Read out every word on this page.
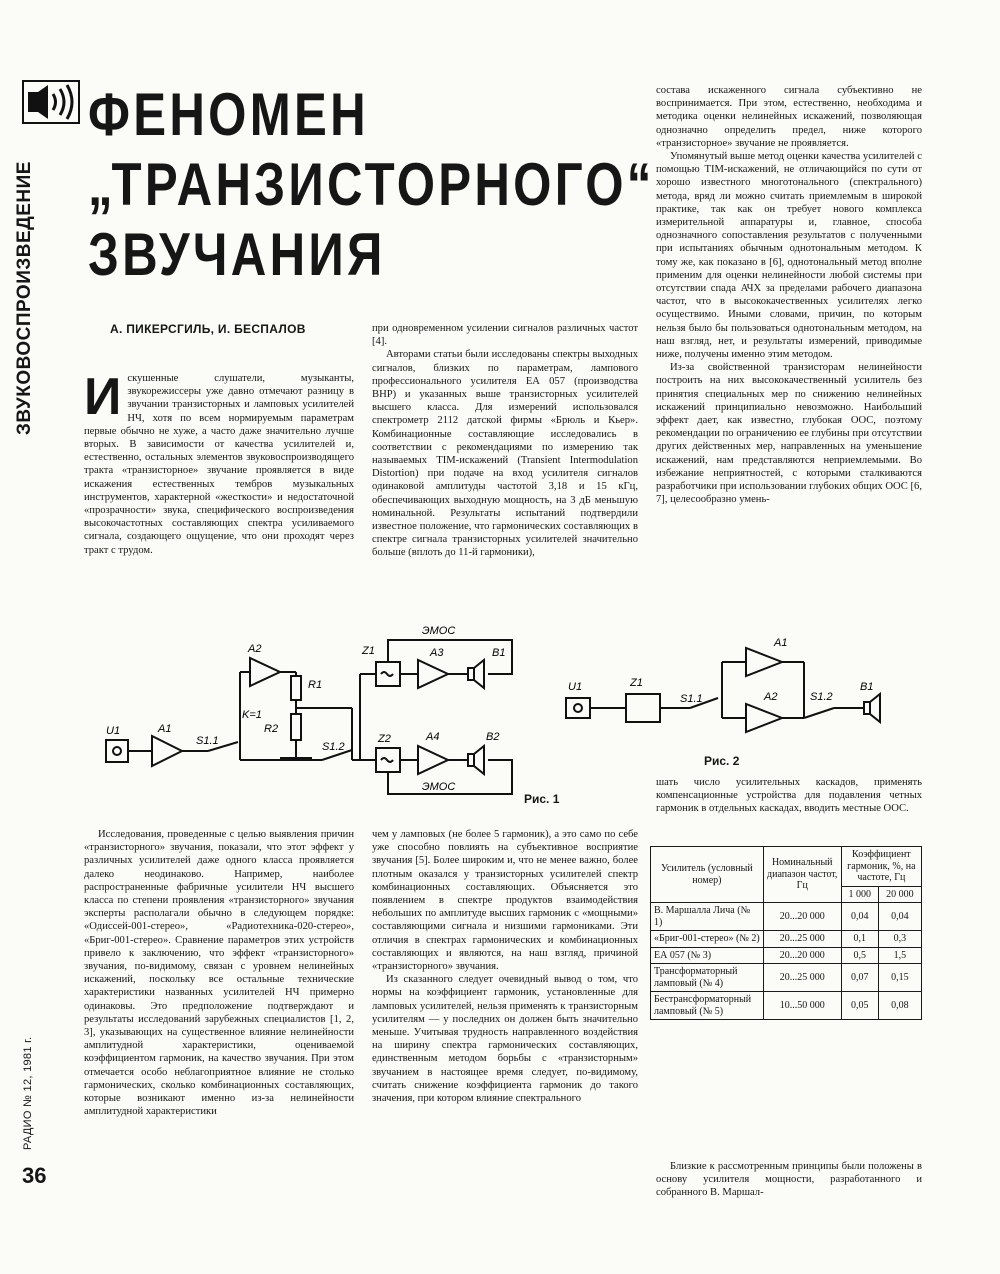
ЗВУКОВОСПРОИЗВЕДЕНИЕ
РАДИО № 12, 1981 г.
36
ФЕНОМЕН
„ТРАНЗИСТОРНОГО“
ЗВУЧАНИЯ
А. ПИКЕРСГИЛЬ, И. БЕСПАЛОВ

Искушенные слушатели, музыканты, звукорежиссеры уже давно отмечают разницу в звучании транзисторных и ламповых усилителей НЧ, хотя по всем нормируемым параметрам первые обычно не хуже, а часто даже значительно лучше вторых. В зависимости от качества усилителей и, естественно, остальных элементов звуковоспроизводящего тракта «транзисторное» звучание проявляется в виде искажения естественных тембров музыкальных инструментов, характерной «жесткости» и недостаточной «прозрачности» звука, специфического воспроизведения высокочастотных составляющих спектра усиливаемого сигнала, создающего ощущение, что они проходят через тракт с трудом.

при одновременном усилении сигналов различных частот [4].

Авторами статьи были исследованы спектры выходных сигналов, близких по параметрам, лампового профессионального усилителя ЕА 057 (производства ВНР) и указанных выше транзисторных усилителей высшего класса. Для измерений использовался спектрометр 2112 датской фирмы «Брюль и Кьер». Комбинационные составляющие исследовались в соответствии с рекомендациями по измерению так называемых TIM-искажений (Transient Intermodulation Distortion) при подаче на вход усилителя сигналов одинаковой амплитуды частотой 3,18 и 15 кГц, обеспечивающих выходную мощность, на 3 дБ меньшую номинальной. Результаты испытаний подтвердили известное положение, что гармонических составляющих в спектре сигнала транзисторных усилителей значительно больше (вплоть до 11-й гармоники),

состава искаженного сигнала субъективно не воспринимается. При этом, естественно, необходима и методика оценки нелинейных искажений, позволяющая однозначно определить предел, ниже которого «транзисторное» звучание не проявляется.

Упомянутый выше метод оценки качества усилителей с помощью TIM-искажений, не отличающийся по сути от хорошо известного многотонального (спектрального) метода, вряд ли можно считать приемлемым в широкой практике, так как он требует нового комплекса измерительной аппаратуры и, главное, способа однозначного сопоставления результатов с полученными при испытаниях обычным однотональным методом. К тому же, как показано в [6], однотональный метод вполне применим для оценки нелинейности любой системы при отсутствии спада АЧХ за пределами рабочего диапазона частот, что в высококачественных усилителях легко осуществимо. Иными словами, причин, по которым нельзя было бы пользоваться однотональным методом, на наш взгляд, нет, и результаты измерений, приводимые ниже, получены именно этим методом.

Из-за свойственной транзисторам нелинейности построить на них высококачественный усилитель без принятия специальных мер по снижению нелинейных искажений принципиально невозможно. Наибольший эффект дает, как известно, глубокая ООС, поэтому рекомендации по ограничению ее глубины при отсутствии других действенных мер, направленных на уменьшение искажений, нам представляются неприемлемыми. Во избежание неприятностей, с которыми сталкиваются разработчики при использовании глубоких общих ООС [6, 7], целесообразно умень-

U1	A1
S1.1
A2
R1
R2
K=1
S1.2
Z1
Z2
A3
A4
B1
B2
ЭМОС
ЭМОС
Рис. 1
U1	Z1
S1.1
A1
A2	S1.2
B1
Рис. 2

шать число усилительных каскадов, применять компенсационные устройства для подавления четных гармоник в отдельных каскадах, вводить местные ООС.

Исследования, проведенные с целью выявления причин «транзисторного» звучания, показали, что этот эффект у различных усилителей даже одного класса проявляется далеко неодинаково. Например, наиболее распространенные фабричные усилители НЧ высшего класса по степени проявления «транзисторного» звучания эксперты располагали обычно в следующем порядке: «Одиссей-001-стерео», «Радиотехника-020-стерео», «Бриг-001-стерео». Сравнение параметров этих устройств привело к заключению, что эффект «транзисторного» звучания, по-видимому, связан с уровнем нелинейных искажений, поскольку все остальные технические характеристики названных усилителей НЧ примерно одинаковы. Это предположение подтверждают и результаты исследований зарубежных специалистов [1, 2, 3], указывающих на существенное влияние нелинейности амплитудной характеристики, оцениваемой коэффициентом гармоник, на качество звучания. При этом отмечается особо неблагоприятное влияние не столько гармонических, сколько комбинационных составляющих, которые возникают именно из-за нелинейности амплитудной характеристики

чем у ламповых (не более 5 гармоник), а это само по себе уже способно повлиять на субъективное восприятие звучания [5]. Более широким и, что не менее важно, более плотным оказался у транзисторных усилителей спектр комбинационных составляющих. Объясняется это появлением в спектре продуктов взаимодействия небольших по амплитуде высших гармоник с «мощными» составляющими сигнала и низшими гармониками. Эти отличия в спектрах гармонических и комбинационных составляющих и являются, на наш взгляд, причиной «транзисторного» звучания.

Из сказанного следует очевидный вывод о том, что нормы на коэффициент гармоник, установленные для ламповых усилителей, нельзя применять к транзисторным усилителям — у последних он должен быть значительно меньше. Учитывая трудность направленного воздействия на ширину спектра гармонических составляющих, единственным методом борьбы с «транзисторным» звучанием в настоящее время следует, по-видимому, считать снижение коэффициента гармоник до такого значения, при котором влияние спектрального

Усилитель (условный номер)	Номинальный диапазон частот, Гц	Коэффициент гармоник, %, на частоте, Гц	
		1 000	20 000
В. Маршалла Лича (№ 1)	20...20 000	0,04	0,04
«Бриг-001-стерео» (№ 2)	20...25 000	0,1	0,3
ЕА 057 (№ 3)	20...20 000	0,5	1,5
Трансформаторный ламповый (№ 4)	20...25 000	0,07	0,15
Бестрансформаторный ламповый (№ 5)	10...50 000	0,05	0,08

Близкие к рассмотренным принципы были положены в основу усилителя мощности, разработанного и собранного В. Маршал-
